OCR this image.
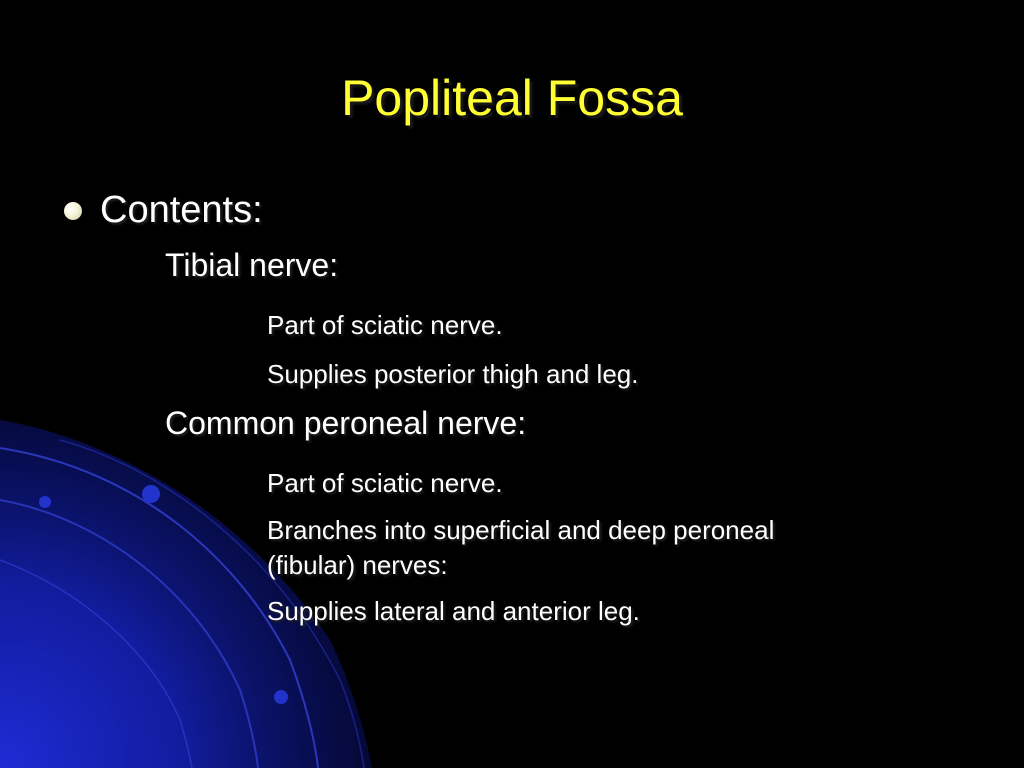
Popliteal Fossa
Contents:
Tibial nerve:
Part of sciatic nerve.
Supplies posterior thigh and leg.
Common peroneal nerve:
Part of sciatic nerve.
Branches into superficial and deep peroneal
(fibular) nerves:
Supplies lateral and anterior leg.
